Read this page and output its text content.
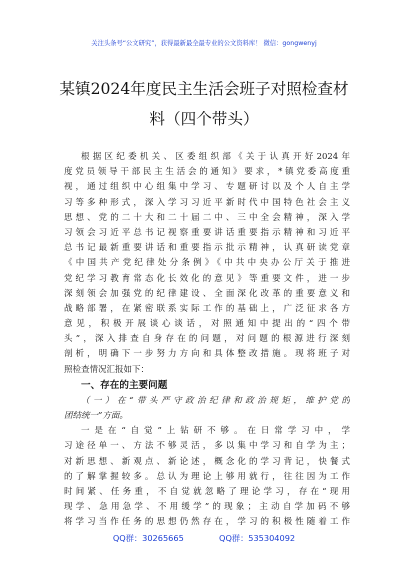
关注头条号“公文研究”，获得最新最全最专业的公文资料库！ 微信：gongwenyj
某镇2024年度民主生活会班子对照检查材
料（四个带头）
根据区纪委机关、区委组织部《关于认真开好2024年
度党员领导干部民主生活会的通知》要求，*镇党委高度重
视，通过组织中心组集中学习、专题研讨以及个人自主学
习等多种形式，深入学习习近平新时代中国特色社会主义
思想、党的二十大和二十届二中、三中全会精神，深入学
习领会习近平总书记视察重要讲话重要指示精神和习近平
总书记最新重要讲话和重要指示批示精神，认真研读党章
《中国共产党纪律处分条例》《中共中央办公厅关于推进
党纪学习教育常态化长效化的意见》等重要文件，进一步
深刻领会加强党的纪律建设、全面深化改革的重要意义和
战略部署，在紧密联系实际工作的基础上，广泛征求各方
意见，积极开展谈心谈话，对照通知中提出的“四个带
头”，深入排查自身存在的问题，对问题的根源进行深刻
剖析，明确下一步努力方向和具体整改措施。现将班子对
照检查情况汇报如下：
一、存在的主要问题
（一）在“带头严守政治纪律和政治规矩，维护党的
团结统一”方面。
一是在“自觉”上钻研不够。在日常学习中，学
习途径单一、方法不够灵活，多以集中学习和自学为主；
对新思想、新观点、新论述，概念化的学习背记，快餐式
的了解掌握较多。总认为理论上够用就行，往往因为工作
时间紧、任务重，不自觉就忽略了理论学习，存在“现用
现学、急用急学、不用缓学”的现象；主动自学加码不够
将学习当作任务的思想仍然存在，学习的积极性随着工作
QQ群：30265665	QQ群：535304092
